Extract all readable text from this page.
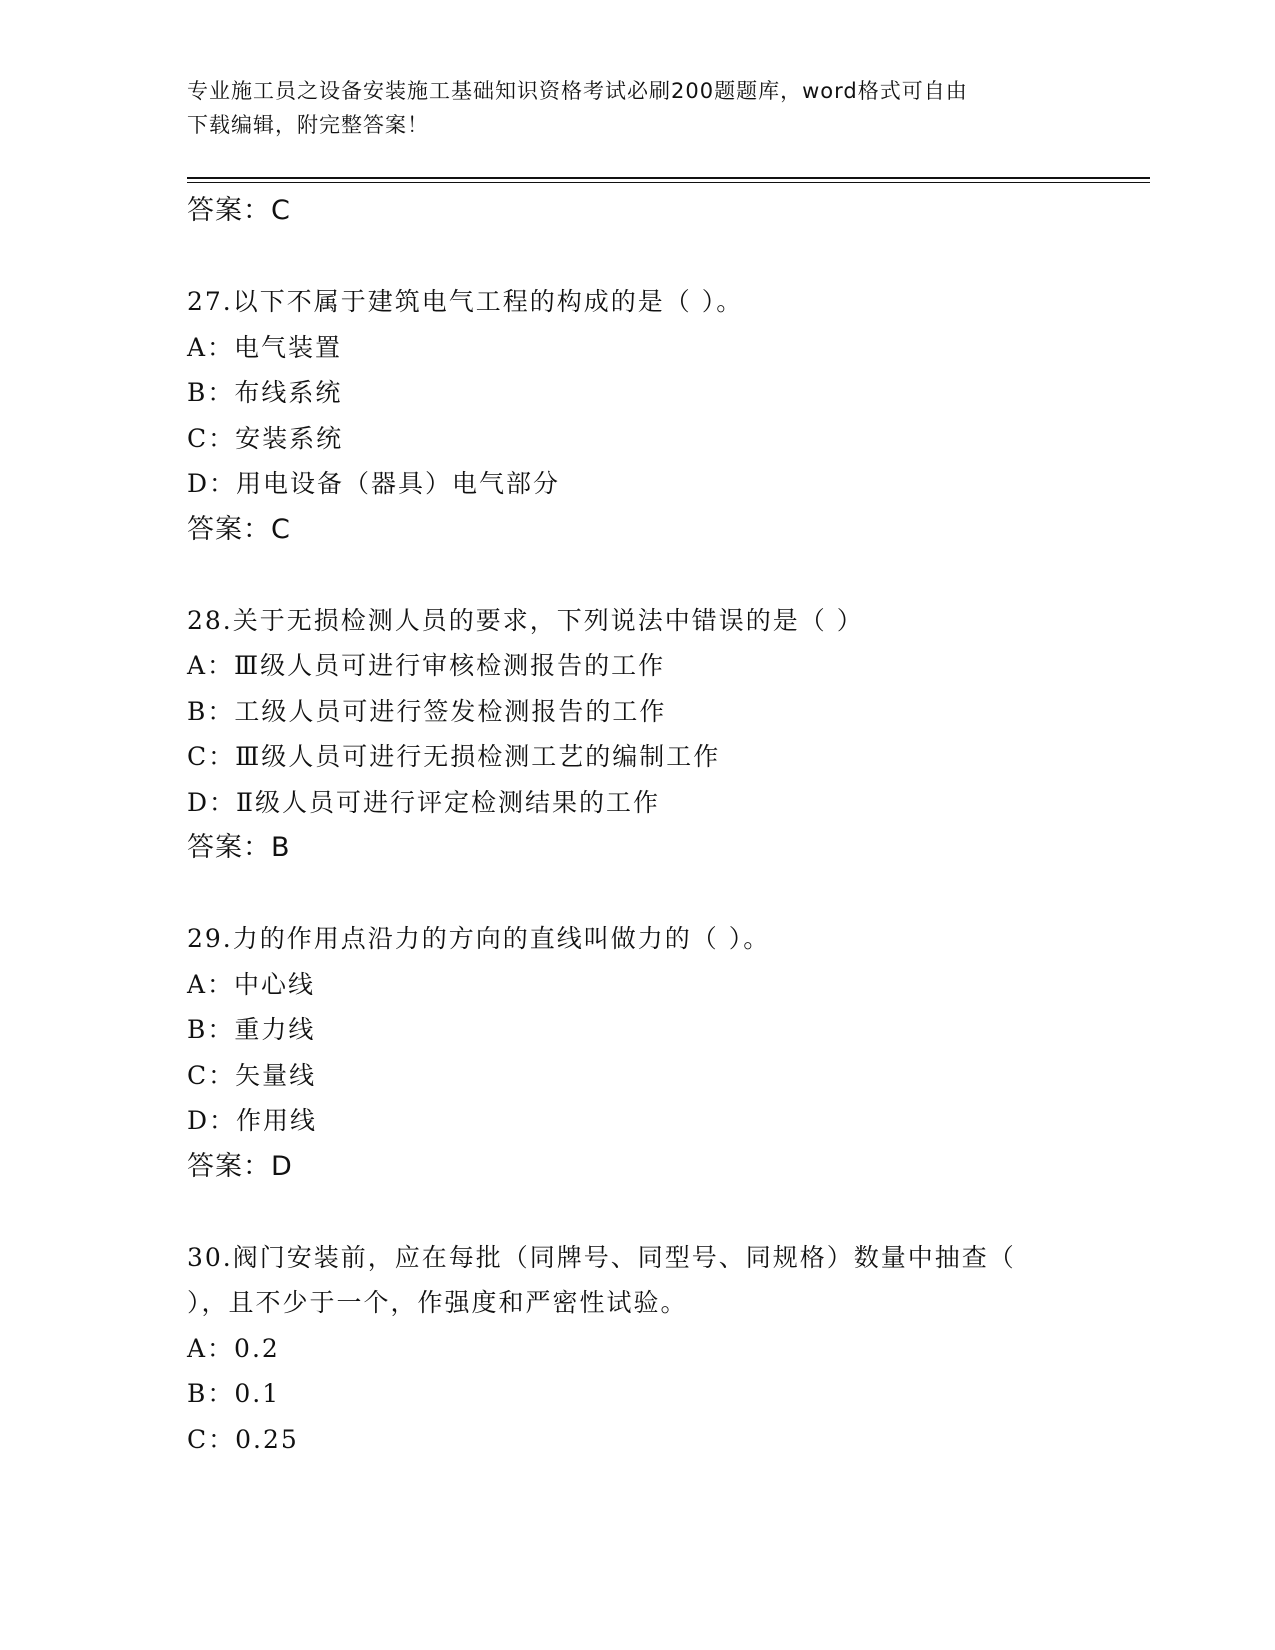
专业施工员之设备安装施工基础知识资格考试必刷200题题库，word格式可自由
下载编辑，附完整答案！
答案：C
27.以下不属于建筑电气工程的构成的是（ ）。
A：电气装置
B：布线系统
C：安装系统
D：用电设备（器具）电气部分
答案：C
28.关于无损检测人员的要求，下列说法中错误的是（ ）
A：Ⅲ级人员可进行审核检测报告的工作
B：工级人员可进行签发检测报告的工作
C：Ⅲ级人员可进行无损检测工艺的编制工作
D：Ⅱ级人员可进行评定检测结果的工作
答案：B
29.力的作用点沿力的方向的直线叫做力的（ ）。
A：中心线
B：重力线
C：矢量线
D：作用线
答案：D
30.阀门安装前，应在每批（同牌号、同型号、同规格）数量中抽查（
），且不少于一个，作强度和严密性试验。
A：0.2
B：0.1
C：0.25
